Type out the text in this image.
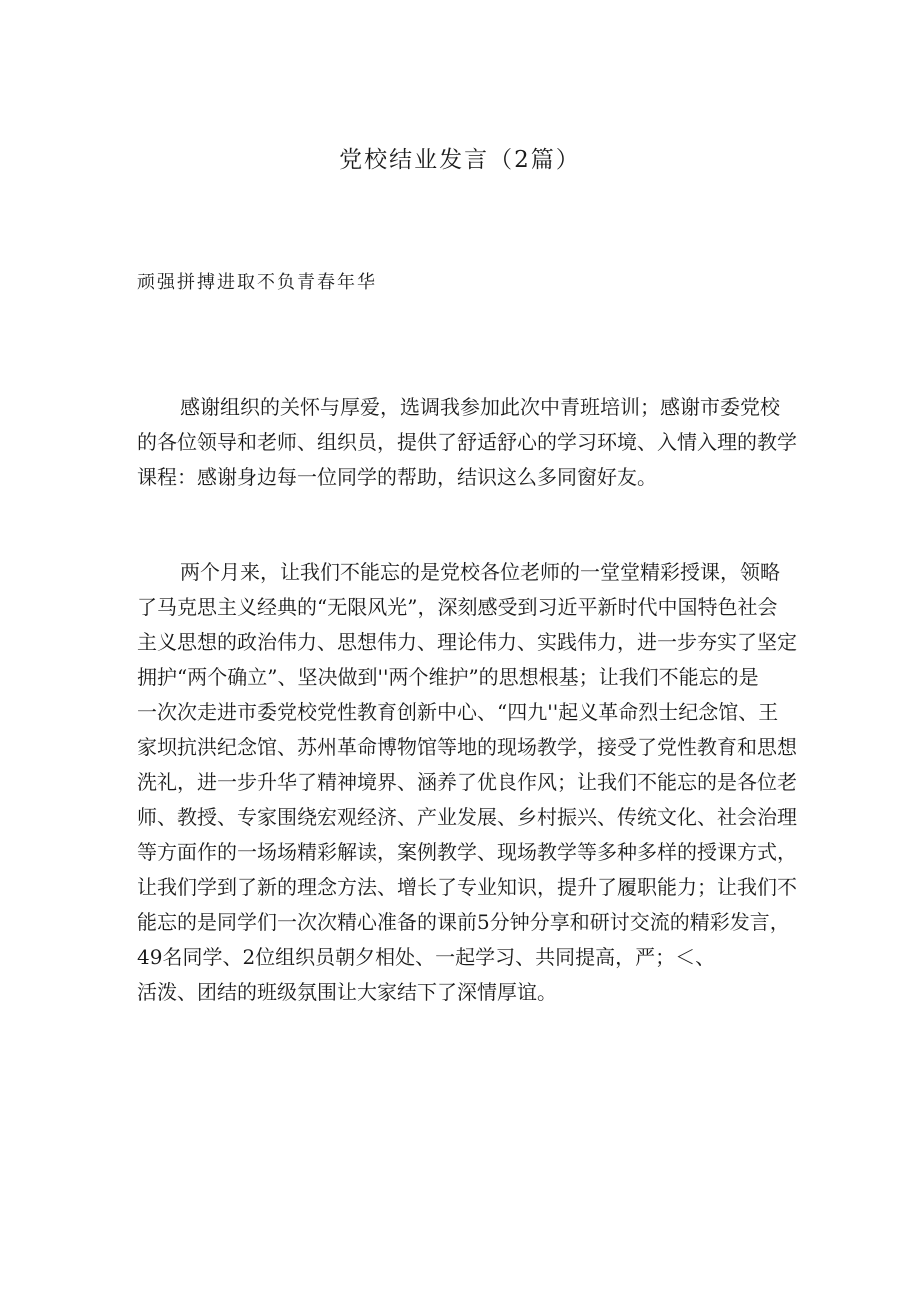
党校结业发言（2篇）
顽强拼搏进取不负青春年华
感谢组织的关怀与厚爱，选调我参加此次中青班培训；感谢市委党校
的各位领导和老师、组织员，提供了舒适舒心的学习环境、入情入理的教学
课程：感谢身边每一位同学的帮助，结识这么多同窗好友。
两个月来，让我们不能忘的是党校各位老师的一堂堂精彩授课，领略
了马克思主义经典的“无限风光”，深刻感受到习近平新时代中国特色社会
主义思想的政治伟力、思想伟力、理论伟力、实践伟力，进一步夯实了坚定
拥护“两个确立”、坚决做到''两个维护”的思想根基；让我们不能忘的是
一次次走进市委党校党性教育创新中心、“四九''起义革命烈士纪念馆、王
家坝抗洪纪念馆、苏州革命博物馆等地的现场教学，接受了党性教育和思想
洗礼，进一步升华了精神境界、涵养了优良作风；让我们不能忘的是各位老
师、教授、专家围绕宏观经济、产业发展、乡村振兴、传统文化、社会治理
等方面作的一场场精彩解读，案例教学、现场教学等多种多样的授课方式，
让我们学到了新的理念方法、增长了专业知识，提升了履职能力；让我们不
能忘的是同学们一次次精心准备的课前5分钟分享和研讨交流的精彩发言，
49名同学、2位组织员朝夕相处、一起学习、共同提高，严；＜、
活泼、团结的班级氛围让大家结下了深情厚谊。
